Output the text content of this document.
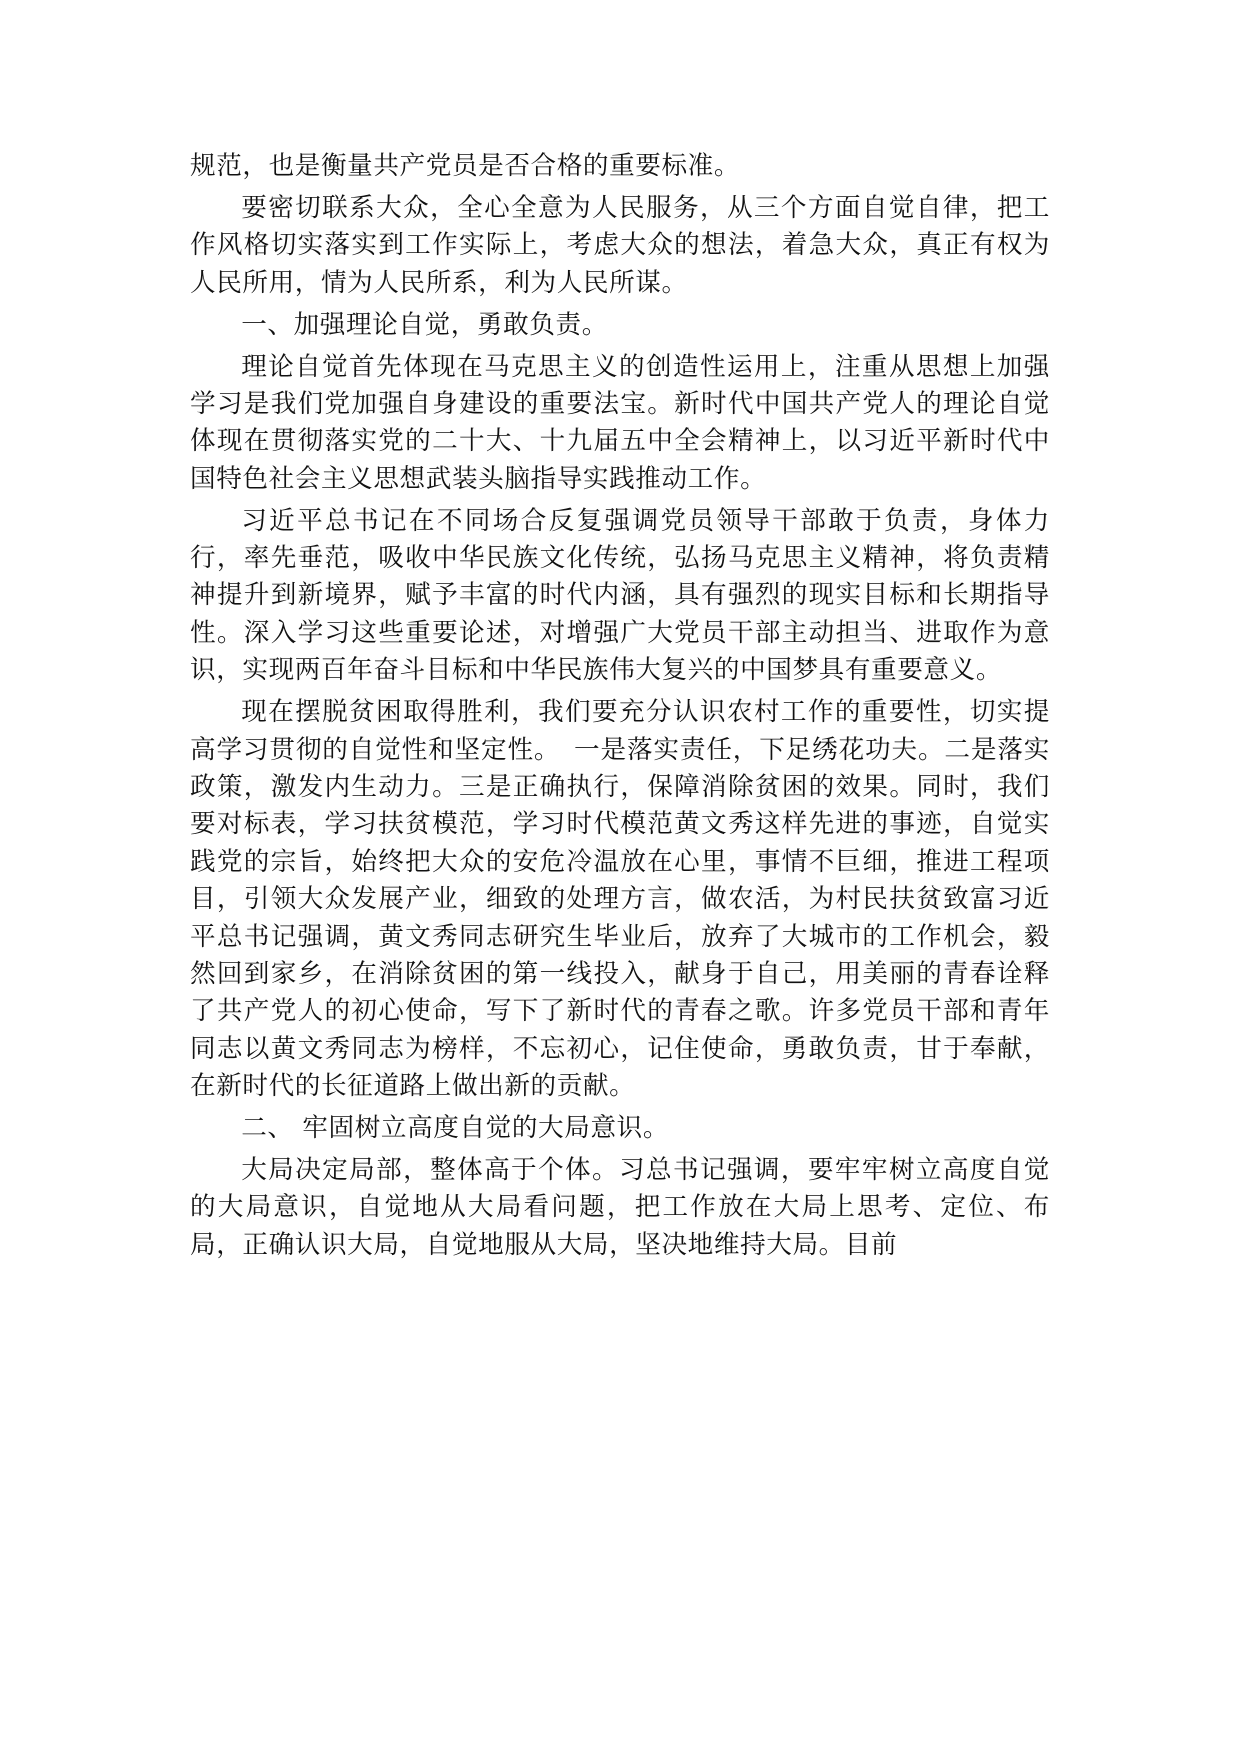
规范，也是衡量共产党员是否合格的重要标准。

要密切联系大众，全心全意为人民服务，从三个方面自觉自律，把工作风格切实落实到工作实际上，考虑大众的想法，着急大众，真正有权为人民所用，情为人民所系，利为人民所谋。

一、加强理论自觉，勇敢负责。

理论自觉首先体现在马克思主义的创造性运用上，注重从思想上加强学习是我们党加强自身建设的重要法宝。新时代中国共产党人的理论自觉体现在贯彻落实党的二十大、十九届五中全会精神上，以习近平新时代中国特色社会主义思想武装头脑指导实践推动工作。

习近平总书记在不同场合反复强调党员领导干部敢于负责，身体力行，率先垂范，吸收中华民族文化传统，弘扬马克思主义精神，将负责精神提升到新境界，赋予丰富的时代内涵，具有强烈的现实目标和长期指导性。深入学习这些重要论述，对增强广大党员干部主动担当、进取作为意识，实现两百年奋斗目标和中华民族伟大复兴的中国梦具有重要意义。

现在摆脱贫困取得胜利，我们要充分认识农村工作的重要性，切实提高学习贯彻的自觉性和坚定性。　一是落实责任，下足绣花功夫。二是落实政策，激发内生动力。三是正确执行，保障消除贫困的效果。同时，我们要对标表，学习扶贫模范，学习时代模范黄文秀这样先进的事迹，自觉实践党的宗旨，始终把大众的安危冷温放在心里，事情不巨细，推进工程项目，引领大众发展产业，细致的处理方言，做农活，为村民扶贫致富习近平总书记强调，黄文秀同志研究生毕业后，放弃了大城市的工作机会，毅然回到家乡，在消除贫困的第一线投入，献身于自己，用美丽的青春诠释了共产党人的初心使命，写下了新时代的青春之歌。许多党员干部和青年同志以黄文秀同志为榜样，不忘初心，记住使命，勇敢负责，甘于奉献，在新时代的长征道路上做出新的贡献。

二、 牢固树立高度自觉的大局意识。

大局决定局部，整体高于个体。习总书记强调，要牢牢树立高度自觉的大局意识，自觉地从大局看问题，把工作放在大局上思考、定位、布局，正确认识大局，自觉地服从大局，坚决地维持大局。目前
